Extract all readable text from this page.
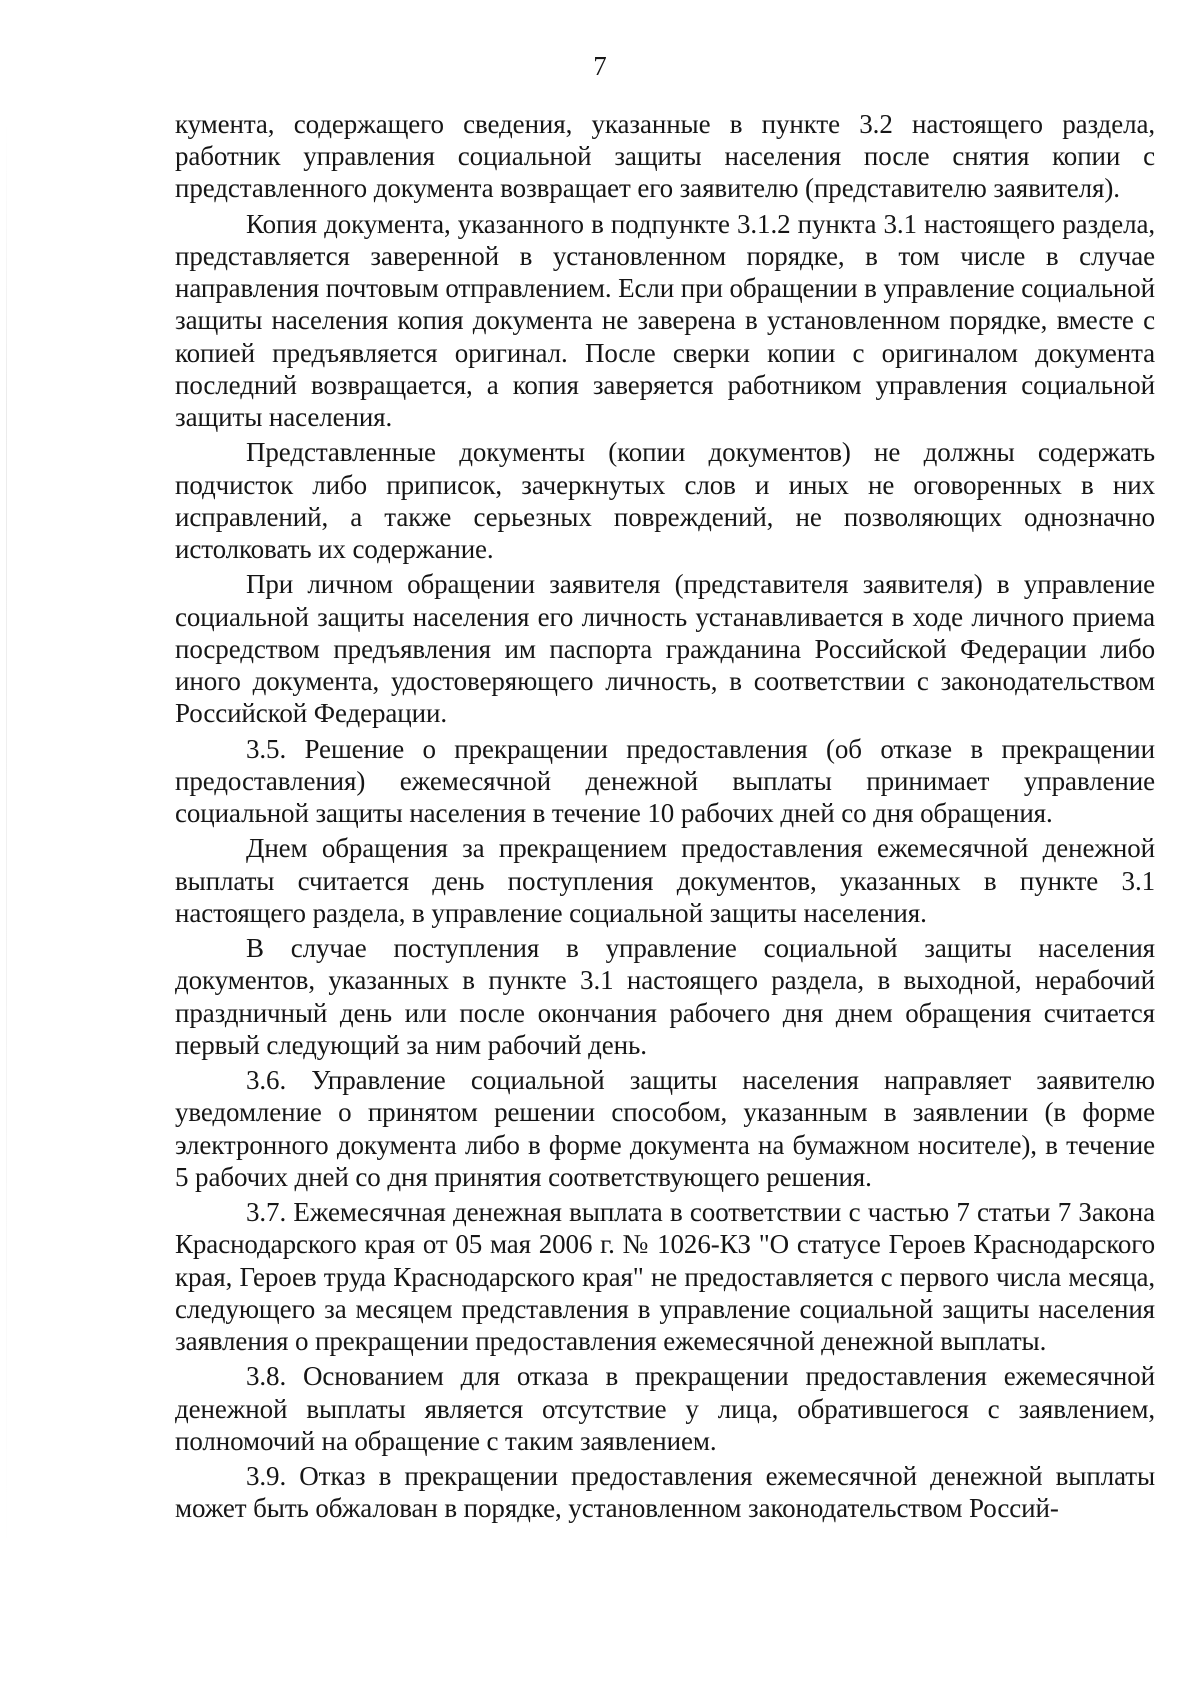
7

кумента, содержащего сведения, указанные в пункте 3.2 настоящего раздела, работник управления социальной защиты населения после снятия копии с представленного документа возвращает его заявителю (представителю заявителя).

Копия документа, указанного в подпункте 3.1.2 пункта 3.1 настоящего раздела, представляется заверенной в установленном порядке, в том числе в случае направления почтовым отправлением. Если при обращении в управление социальной защиты населения копия документа не заверена в установленном порядке, вместе с копией предъявляется оригинал. После сверки копии с оригиналом документа последний возвращается, а копия заверяется работником управления социальной защиты населения.

Представленные документы (копии документов) не должны содержать подчисток либо приписок, зачеркнутых слов и иных не оговоренных в них исправлений, а также серьезных повреждений, не позволяющих однозначно истолковать их содержание.

При личном обращении заявителя (представителя заявителя) в управление социальной защиты населения его личность устанавливается в ходе личного приема посредством предъявления им паспорта гражданина Российской Федерации либо иного документа, удостоверяющего личность, в соответствии с законодательством Российской Федерации.

3.5. Решение о прекращении предоставления (об отказе в прекращении предоставления) ежемесячной денежной выплаты принимает управление социальной защиты населения в течение 10 рабочих дней со дня обращения.

Днем обращения за прекращением предоставления ежемесячной денежной выплаты считается день поступления документов, указанных в пункте 3.1 настоящего раздела, в управление социальной защиты населения.

В случае поступления в управление социальной защиты населения документов, указанных в пункте 3.1 настоящего раздела, в выходной, нерабочий праздничный день или после окончания рабочего дня днем обращения считается первый следующий за ним рабочий день.

3.6. Управление социальной защиты населения направляет заявителю уведомление о принятом решении способом, указанным в заявлении (в форме электронного документа либо в форме документа на бумажном носителе), в течение 5 рабочих дней со дня принятия соответствующего решения.

3.7. Ежемесячная денежная выплата в соответствии с частью 7 статьи 7 Закона Краснодарского края от 05 мая 2006 г. № 1026-КЗ "О статусе Героев Краснодарского края, Героев труда Краснодарского края" не предоставляется с первого числа месяца, следующего за месяцем представления в управление социальной защиты населения заявления о прекращении предоставления ежемесячной денежной выплаты.

3.8. Основанием для отказа в прекращении предоставления ежемесячной денежной выплаты является отсутствие у лица, обратившегося с заявлением, полномочий на обращение с таким заявлением.

3.9. Отказ в прекращении предоставления ежемесячной денежной выплаты может быть обжалован в порядке, установленном законодательством Россий-
